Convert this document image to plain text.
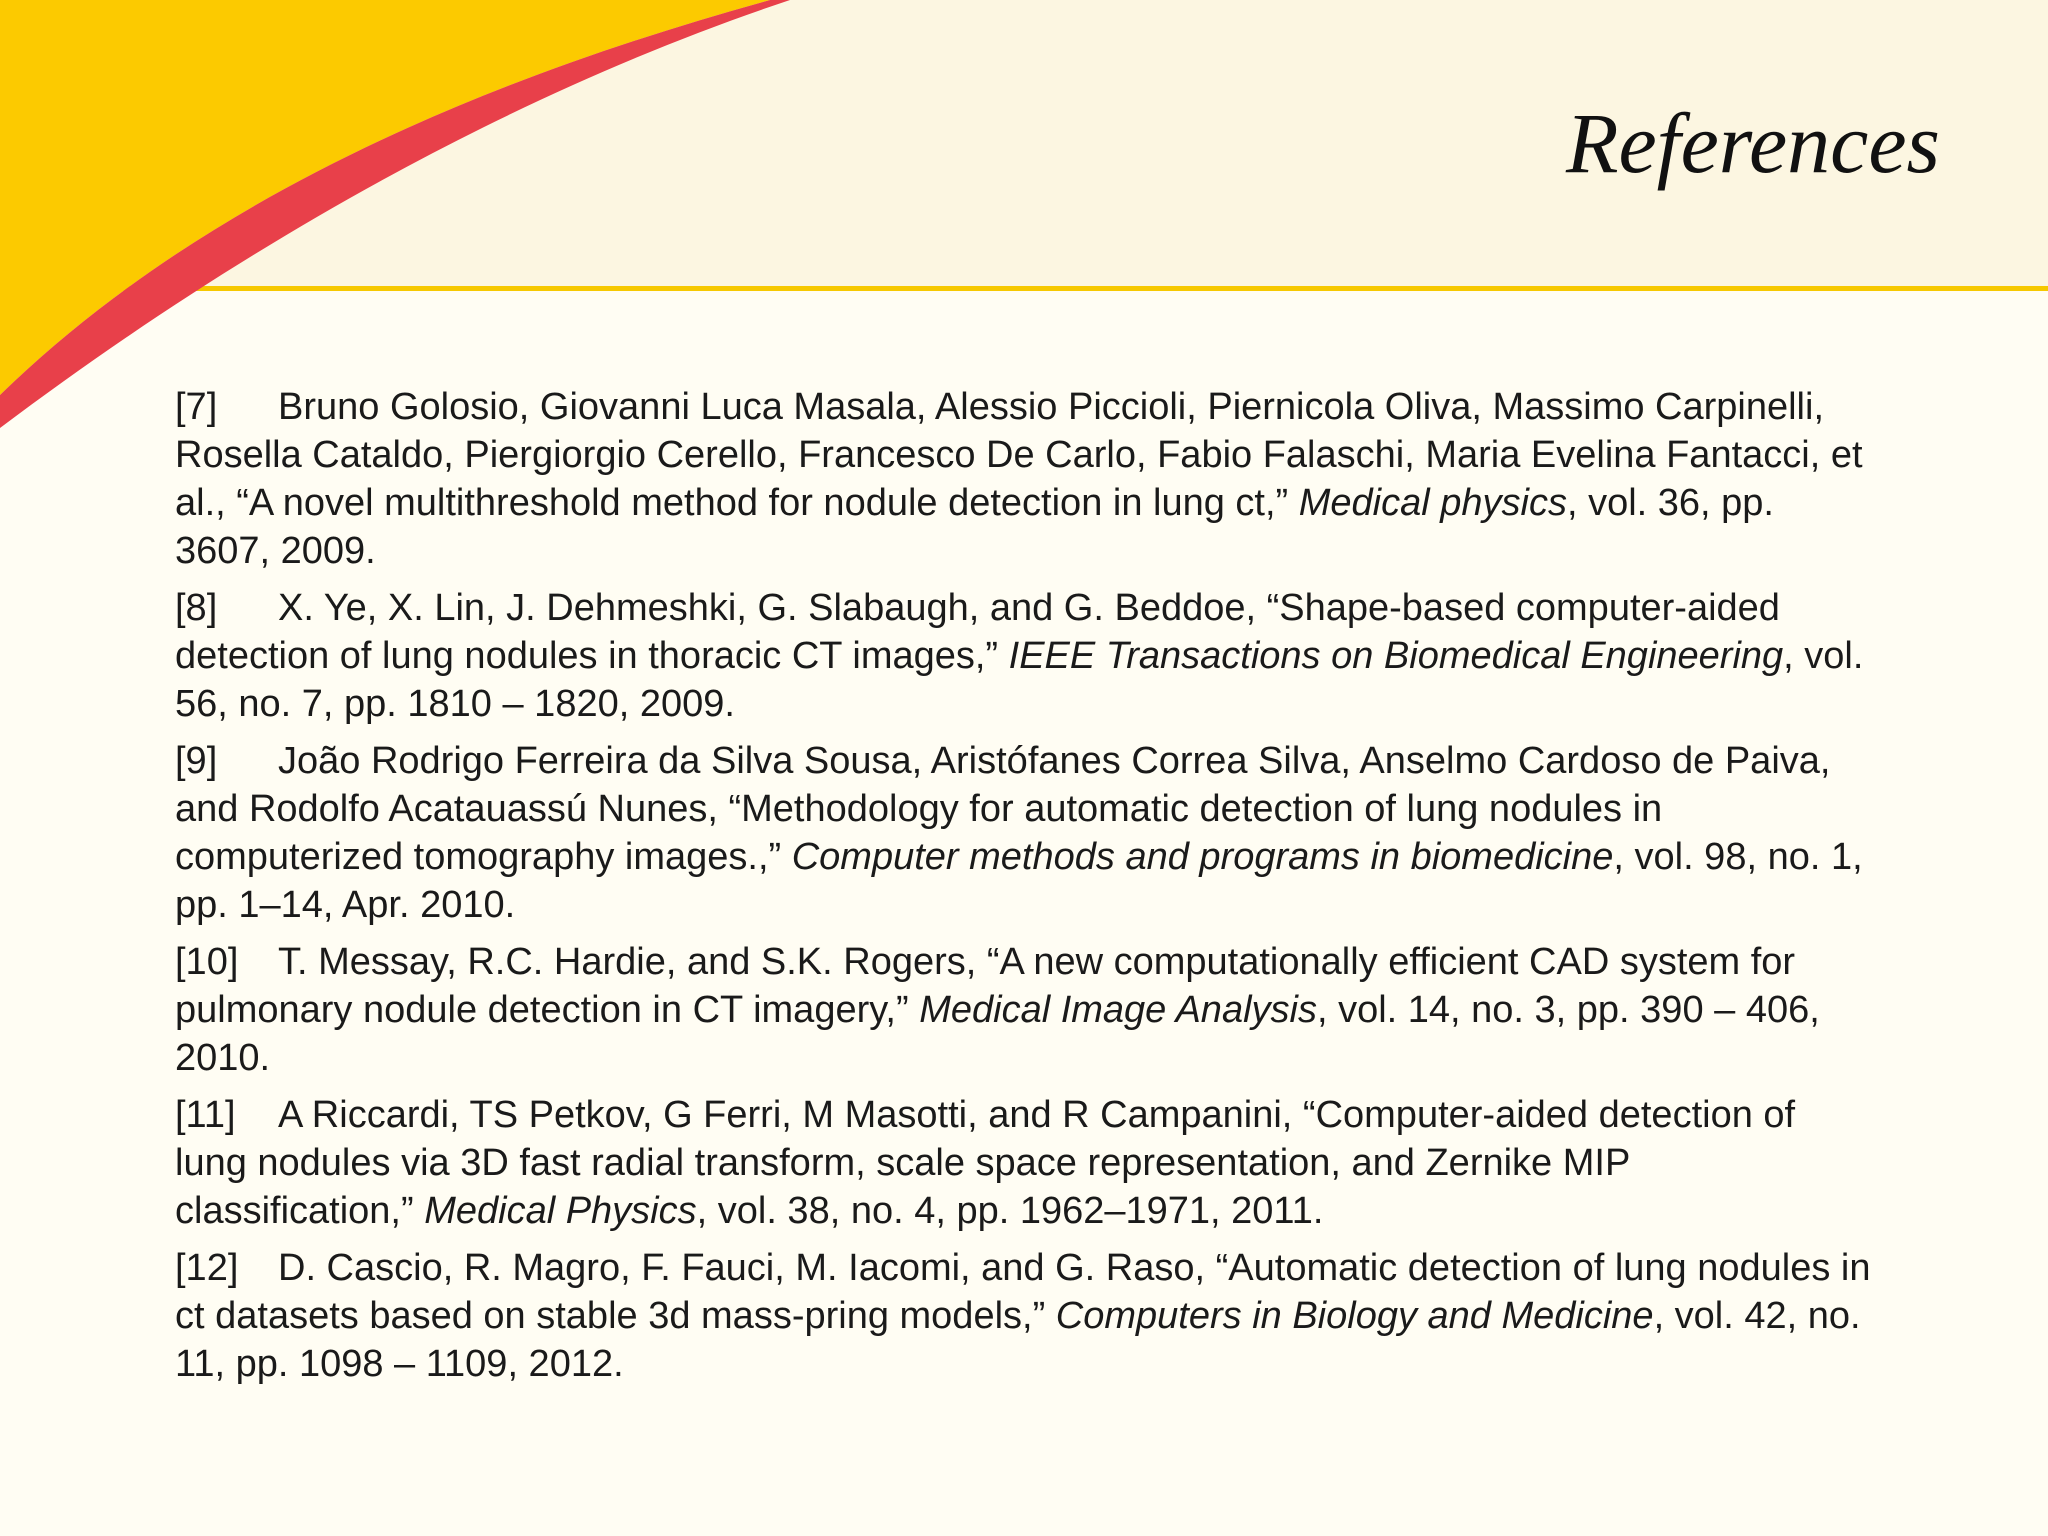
References
[7] Bruno Golosio, Giovanni Luca Masala, Alessio Piccioli, Piernicola Oliva, Massimo Carpinelli, Rosella Cataldo, Piergiorgio Cerello, Francesco De Carlo, Fabio Falaschi, Maria Evelina Fantacci, et al., “A novel multithreshold method for nodule detection in lung ct,” Medical physics, vol. 36, pp. 3607, 2009.
[8] X. Ye, X. Lin, J. Dehmeshki, G. Slabaugh, and G. Beddoe, “Shape-based computer-aided detection of lung nodules in thoracic CT images,” IEEE Transactions on Biomedical Engineering, vol. 56, no. 7, pp. 1810 – 1820, 2009.
[9] João Rodrigo Ferreira da Silva Sousa, Aristófanes Correa Silva, Anselmo Cardoso de Paiva, and Rodolfo Acatauassú Nunes, “Methodology for automatic detection of lung nodules in computerized tomography images.,” Computer methods and programs in biomedicine, vol. 98, no. 1, pp. 1–14, Apr. 2010.
[10] T. Messay, R.C. Hardie, and S.K. Rogers, “A new computationally efficient CAD system for pulmonary nodule detection in CT imagery,” Medical Image Analysis, vol. 14, no. 3, pp. 390 – 406, 2010.
[11] A Riccardi, TS Petkov, G Ferri, M Masotti, and R Campanini, “Computer-aided detection of lung nodules via 3D fast radial transform, scale space representation, and Zernike MIP classification,” Medical Physics, vol. 38, no. 4, pp. 1962–1971, 2011.
[12] D. Cascio, R. Magro, F. Fauci, M. Iacomi, and G. Raso, “Automatic detection of lung nodules in ct datasets based on stable 3d mass-pring models,” Computers in Biology and Medicine, vol. 42, no. 11, pp. 1098 – 1109, 2012.
